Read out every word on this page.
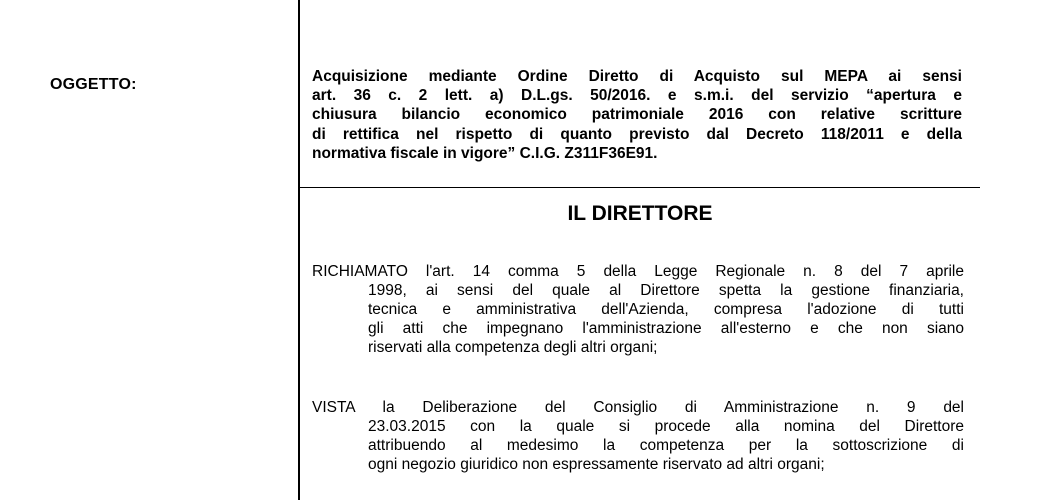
OGGETTO:	Acquisizione mediante Ordine Diretto di Acquisto sul MEPA ai sensi
art. 36 c. 2 lett. a) D.L.gs. 50/2016. e s.m.i. del servizio “apertura e
chiusura bilancio economico patrimoniale 2016 con relative scritture
di rettifica nel rispetto di quanto previsto dal Decreto 118/2011 e della
normativa fiscale in vigore” C.I.G. Z311F36E91.
IL DIRETTORE
RICHIAMATO l'art. 14 comma 5 della Legge Regionale n. 8 del 7 aprile
1998, ai sensi del quale al Direttore spetta la gestione finanziaria,
tecnica e amministrativa dell'Azienda, compresa l'adozione di tutti
gli atti che impegnano l'amministrazione all'esterno e che non siano
riservati alla competenza degli altri organi;
VISTA la Deliberazione del Consiglio di Amministrazione n. 9 del
23.03.2015 con la quale si procede alla nomina del Direttore
attribuendo al medesimo la competenza per la sottoscrizione di
ogni negozio giuridico non espressamente riservato ad altri organi;
